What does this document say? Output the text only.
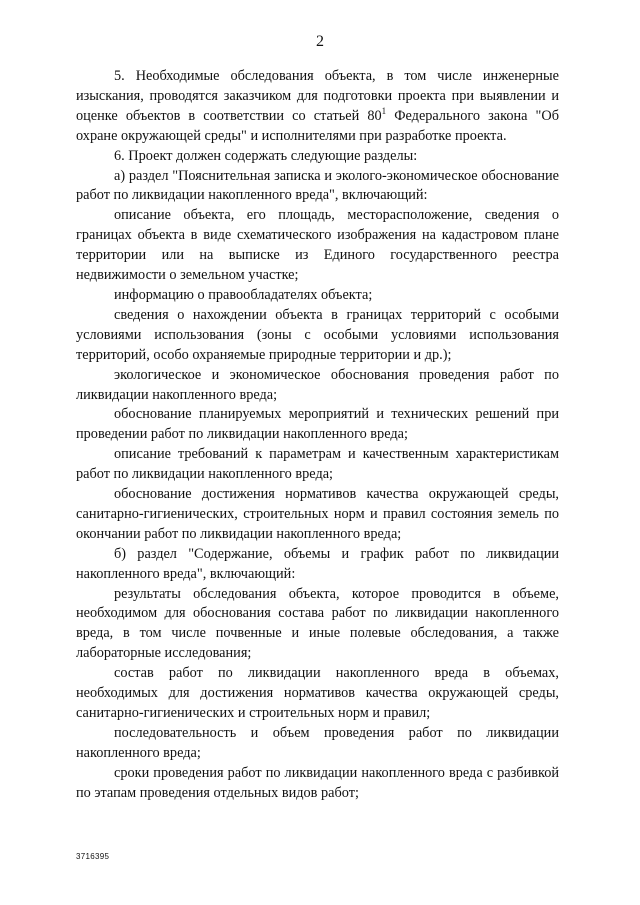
2

5. Необходимые обследования объекта, в том числе инженерные изыскания, проводятся заказчиком для подготовки проекта при выявлении и оценке объектов в соответствии со статьей $80^1$ Федерального закона "Об охране окружающей среды" и исполнителями при разработке проекта.

6. Проект должен содержать следующие разделы:

а) раздел "Пояснительная записка и эколого-экономическое обоснование работ по ликвидации накопленного вреда", включающий:

описание объекта, его площадь, месторасположение, сведения о границах объекта в виде схематического изображения на кадастровом плане территории или на выписке из Единого государственного реестра недвижимости о земельном участке;

информацию о правообладателях объекта;

сведения о нахождении объекта в границах территорий с особыми условиями использования (зоны с особыми условиями использования территорий, особо охраняемые природные территории и др.);

экологическое и экономическое обоснования проведения работ по ликвидации накопленного вреда;

обоснование планируемых мероприятий и технических решений при проведении работ по ликвидации накопленного вреда;

описание требований к параметрам и качественным характеристикам работ по ликвидации накопленного вреда;

обоснование достижения нормативов качества окружающей среды, санитарно-гигиенических, строительных норм и правил состояния земель по окончании работ по ликвидации накопленного вреда;

б) раздел "Содержание, объемы и график работ по ликвидации накопленного вреда", включающий:

результаты обследования объекта, которое проводится в объеме, необходимом для обоснования состава работ по ликвидации накопленного вреда, в том числе почвенные и иные полевые обследования, а также лабораторные исследования;

состав работ по ликвидации накопленного вреда в объемах, необходимых для достижения нормативов качества окружающей среды, санитарно-гигиенических и строительных норм и правил;

последовательность и объем проведения работ по ликвидации накопленного вреда;

сроки проведения работ по ликвидации накопленного вреда с разбивкой по этапам проведения отдельных видов работ;

3716395
